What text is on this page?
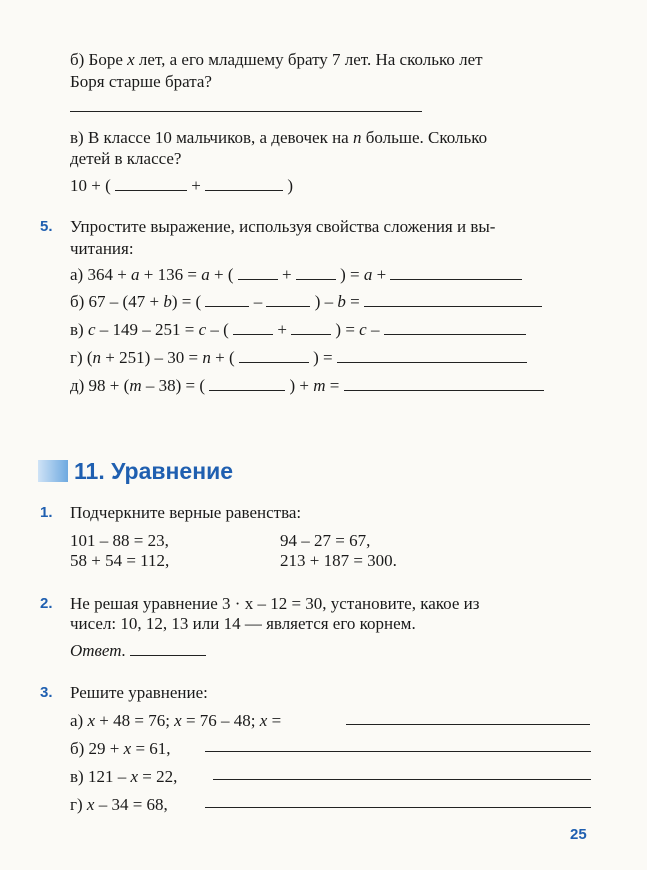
б) Боре x лет, а его младшему брату 7 лет. На сколько лет
Боря старше брата?
в) В классе 10 мальчиков, а девочек на n больше. Сколько
детей в классе?
10 + (	+	)
5. Упростите выражение, используя свойства сложения и вы-
читания:
а) 364 + a + 136 = a + (	+	) = a +
б) 67 – (47 + b) = (	–	) – b =
в) c – 149 – 251 = c – (	+	) = c –
г) (n + 251) – 30 = n + (	) =
д) 98 + (m – 38) = (	) + m =
11. Уравнение
1. Подчеркните верные равенства:
101 – 88 = 23,	94 – 27 = 67,
58 + 54 = 112,	213 + 187 = 300.
2. Не решая уравнение 3 · x – 12 = 30, установите, какое из
чисел: 10, 12, 13 или 14 — является его корнем.
Ответ.
3. Решите уравнение:
а) x + 48 = 76; x = 76 – 48; x =
б) 29 + x = 61,
в) 121 – x = 22,
г) x – 34 = 68,
25
